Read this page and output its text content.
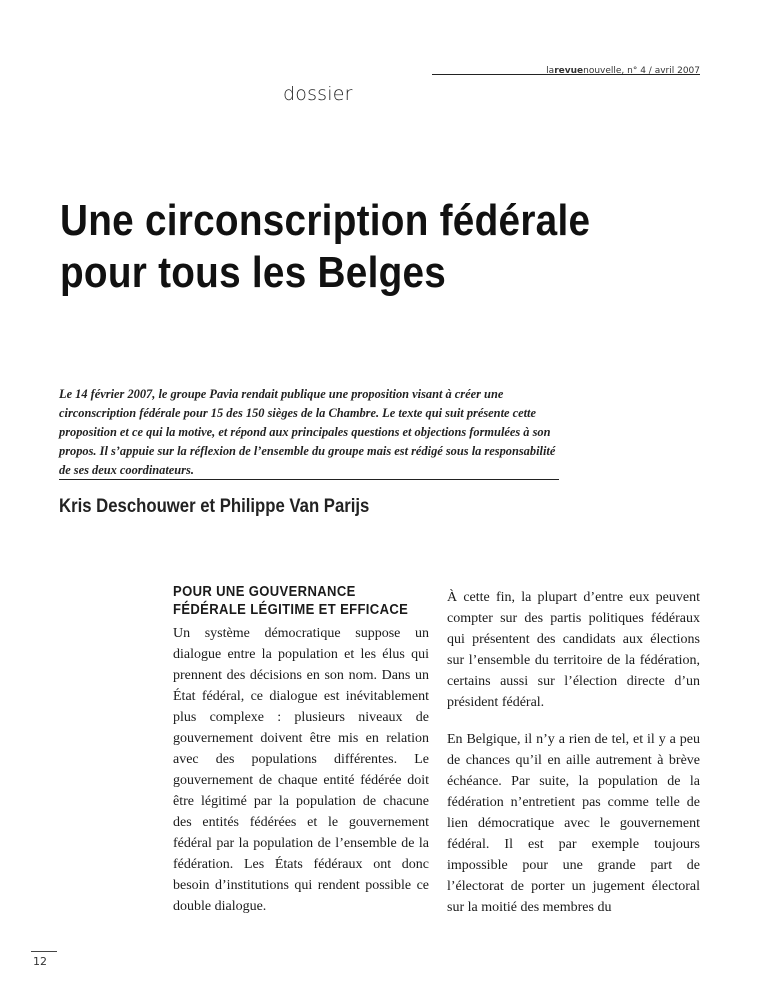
larevuenouvelle, n° 4 / avril 2007
dossier
Une circonscription fédérale pour tous les Belges
Le 14 février 2007, le groupe Pavia rendait publique une proposition visant à créer une circonscription fédérale pour 15 des 150 sièges de la Chambre. Le texte qui suit présente cette proposition et ce qui la motive, et répond aux principales questions et objections formulées à son propos. Il s’appuie sur la réflexion de l’ensemble du groupe mais est rédigé sous la responsabilité de ses deux coordinateurs.
Kris Deschouwer et Philippe Van Parijs
POUR UNE GOUVERNANCE FÉDÉRALE LÉGITIME ET EFFICACE

Un système démocratique suppose un dialogue entre la population et les élus qui prennent des décisions en son nom. Dans un État fédéral, ce dialogue est inévitablement plus complexe : plusieurs niveaux de gouvernement doivent être mis en relation avec des populations différentes. Le gouvernement de chaque entité fédérée doit être légitimé par la population de chacune des entités fédérées et le gouvernement fédéral par la population de l’ensemble de la fédération. Les États fédéraux ont donc besoin d’institutions qui rendent possible ce double dialogue.

À cette fin, la plupart d’entre eux peuvent compter sur des partis politiques fédéraux qui présentent des candidats aux élections sur l’ensemble du territoire de la fédération, certains aussi sur l’élection directe d’un président fédéral.

En Belgique, il n’y a rien de tel, et il y a peu de chances qu’il en aille autrement à brève échéance. Par suite, la population de la fédération n’entretient pas comme telle de lien démocratique avec le gouvernement fédéral. Il est par exemple toujours impossible pour une grande part de l’électorat de porter un jugement électoral sur la moitié des membres du

12
